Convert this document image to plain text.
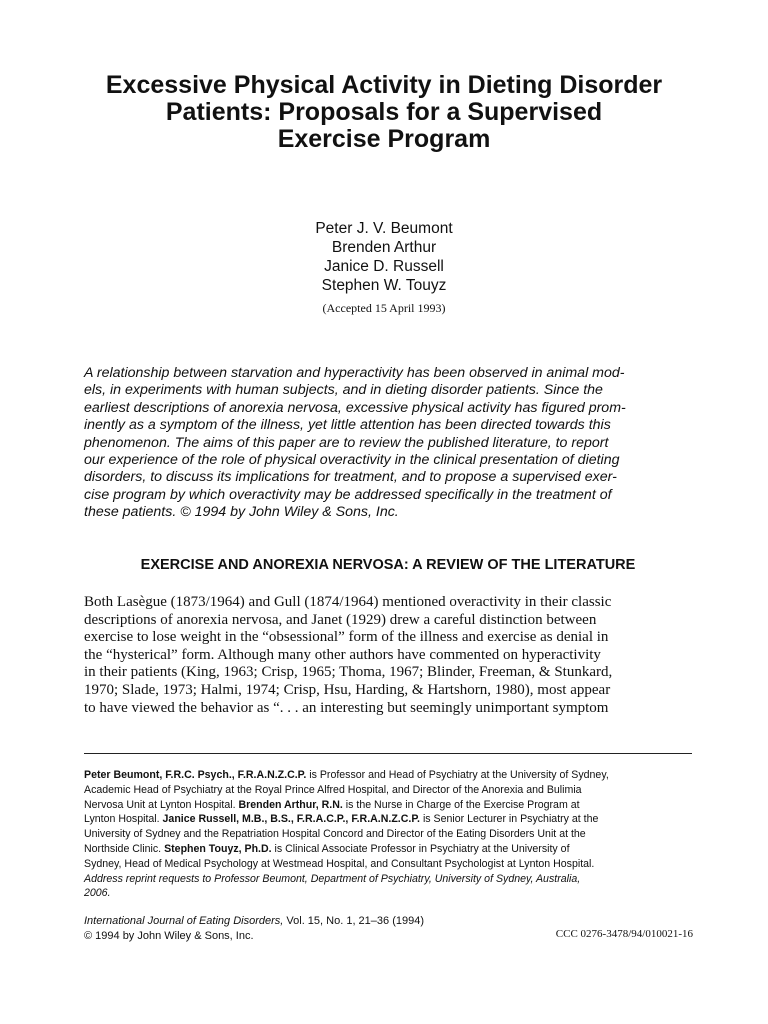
Excessive Physical Activity in Dieting Disorder
Patients: Proposals for a Supervised
Exercise Program
Peter J. V. Beumont
Brenden Arthur
Janice D. Russell
Stephen W. Touyz
(Accepted 15 April 1993)

A relationship between starvation and hyperactivity has been observed in animal mod-
els, in experiments with human subjects, and in dieting disorder patients. Since the
earliest descriptions of anorexia nervosa, excessive physical activity has figured prom-
inently as a symptom of the illness, yet little attention has been directed towards this
phenomenon. The aims of this paper are to review the published literature, to report
our experience of the role of physical overactivity in the clinical presentation of dieting
disorders, to discuss its implications for treatment, and to propose a supervised exer-
cise program by which overactivity may be addressed specifically in the treatment of
these patients. © 1994 by John Wiley & Sons, Inc.

EXERCISE AND ANOREXIA NERVOSA: A REVIEW OF THE LITERATURE

Both Lasègue (1873/1964) and Gull (1874/1964) mentioned overactivity in their classic
descriptions of anorexia nervosa, and Janet (1929) drew a careful distinction between
exercise to lose weight in the “obsessional” form of the illness and exercise as denial in
the “hysterical” form. Although many other authors have commented on hyperactivity
in their patients (King, 1963; Crisp, 1965; Thoma, 1967; Blinder, Freeman, & Stunkard,
1970; Slade, 1973; Halmi, 1974; Crisp, Hsu, Harding, & Hartshorn, 1980), most appear
to have viewed the behavior as “. . . an interesting but seemingly unimportant symptom

Peter Beumont, F.R.C. Psych., F.R.A.N.Z.C.P. is Professor and Head of Psychiatry at the University of Sydney,
Academic Head of Psychiatry at the Royal Prince Alfred Hospital, and Director of the Anorexia and Bulimia
Nervosa Unit at Lynton Hospital. Brenden Arthur, R.N. is the Nurse in Charge of the Exercise Program at
Lynton Hospital. Janice Russell, M.B., B.S., F.R.A.C.P., F.R.A.N.Z.C.P. is Senior Lecturer in Psychiatry at the
University of Sydney and the Repatriation Hospital Concord and Director of the Eating Disorders Unit at the
Northside Clinic. Stephen Touyz, Ph.D. is Clinical Associate Professor in Psychiatry at the University of
Sydney, Head of Medical Psychology at Westmead Hospital, and Consultant Psychologist at Lynton Hospital.
Address reprint requests to Professor Beumont, Department of Psychiatry, University of Sydney, Australia,
2006.

International Journal of Eating Disorders, Vol. 15, No. 1, 21–36 (1994)
© 1994 by John Wiley & Sons, Inc.	CCC 0276-3478/94/010021-16
